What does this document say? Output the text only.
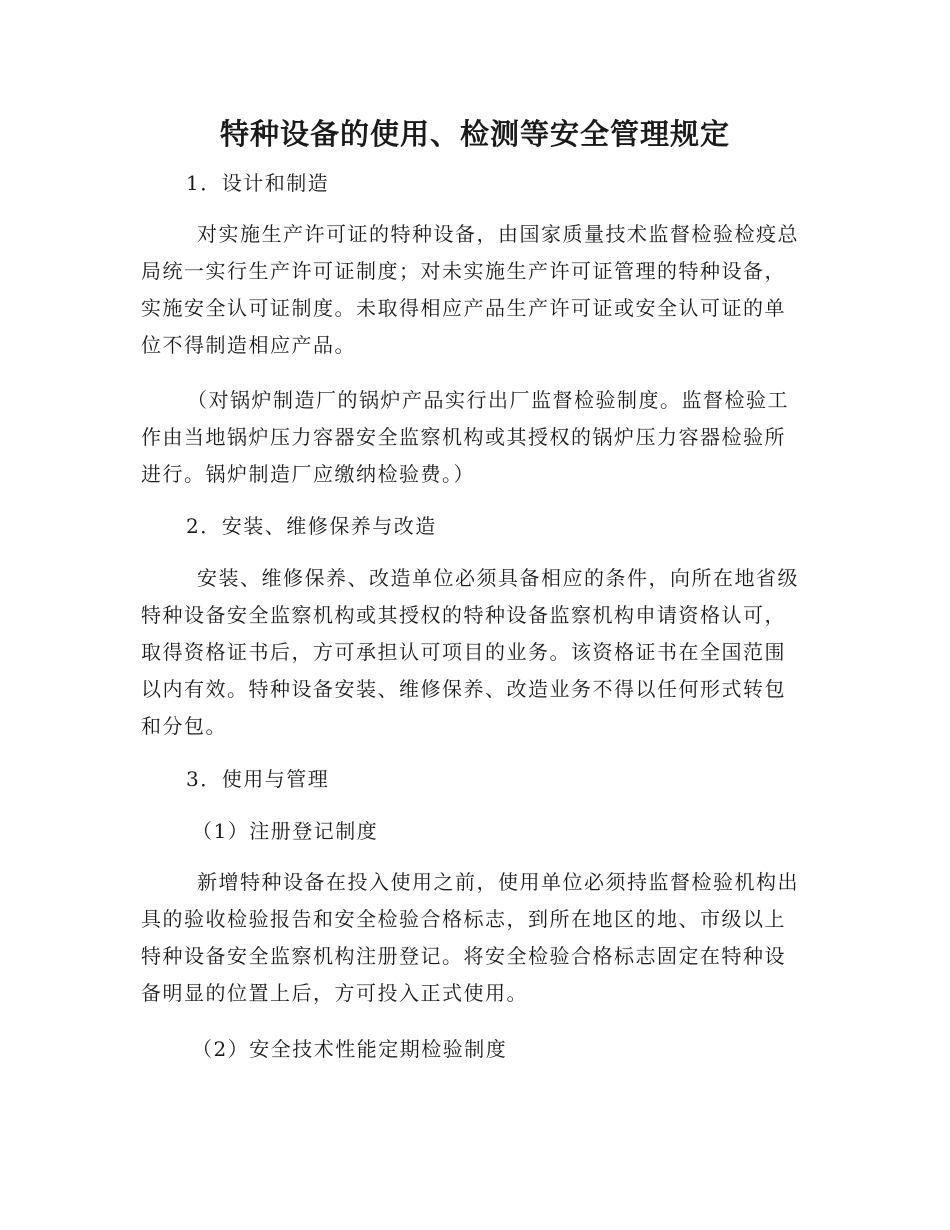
特种设备的使用、检测等安全管理规定

1．设计和制造

对实施生产许可证的特种设备，由国家质量技术监督检验检疫总
局统一实行生产许可证制度；对未实施生产许可证管理的特种设备，
实施安全认可证制度。未取得相应产品生产许可证或安全认可证的单
位不得制造相应产品。
（对锅炉制造厂的锅炉产品实行出厂监督检验制度。监督检验工
作由当地锅炉压力容器安全监察机构或其授权的锅炉压力容器检验所
进行。锅炉制造厂应缴纳检验费。）

2．安装、维修保养与改造

安装、维修保养、改造单位必须具备相应的条件，向所在地省级
特种设备安全监察机构或其授权的特种设备监察机构申请资格认可，
取得资格证书后，方可承担认可项目的业务。该资格证书在全国范围
以内有效。特种设备安装、维修保养、改造业务不得以任何形式转包
和分包。

3．使用与管理

（1）注册登记制度

新增特种设备在投入使用之前，使用单位必须持监督检验机构出
具的验收检验报告和安全检验合格标志，到所在地区的地、市级以上
特种设备安全监察机构注册登记。将安全检验合格标志固定在特种设
备明显的位置上后，方可投入正式使用。

（2）安全技术性能定期检验制度
